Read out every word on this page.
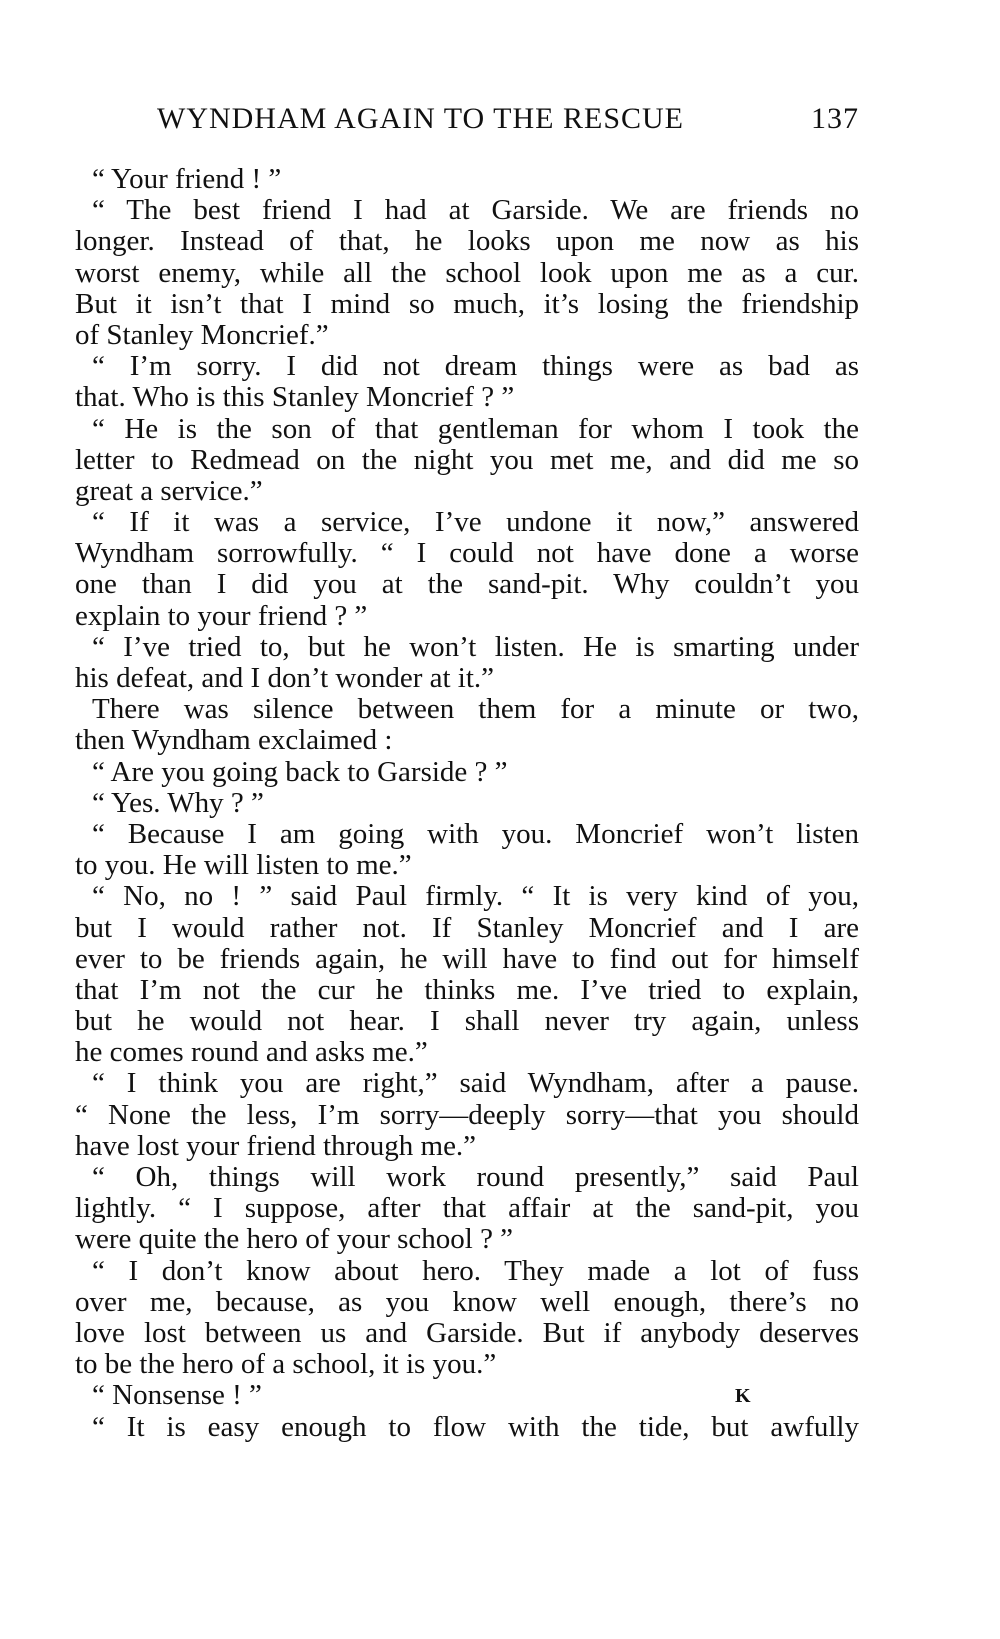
WYNDHAM AGAIN TO THE RESCUE	137
“ Your friend ! ”
“ The best friend I had at Garside. We are friends no
longer. Instead of that, he looks upon me now as his
worst enemy, while all the school look upon me as a cur.
But it isn’t that I mind so much, it’s losing the friendship
of Stanley Moncrief.”
“ I’m sorry. I did not dream things were as bad as
that. Who is this Stanley Moncrief ? ”
“ He is the son of that gentleman for whom I took the
letter to Redmead on the night you met me, and did me so
great a service.”
“ If it was a service, I’ve undone it now,” answered
Wyndham sorrowfully. “ I could not have done a worse
one than I did you at the sand-pit. Why couldn’t you
explain to your friend ? ”
“ I’ve tried to, but he won’t listen. He is smarting under
his defeat, and I don’t wonder at it.”
There was silence between them for a minute or two,
then Wyndham exclaimed :
“ Are you going back to Garside ? ”
“ Yes. Why ? ”
“ Because I am going with you. Moncrief won’t listen
to you. He will listen to me.”
“ No, no ! ” said Paul firmly. “ It is very kind of you,
but I would rather not. If Stanley Moncrief and I are
ever to be friends again, he will have to find out for himself
that I’m not the cur he thinks me. I’ve tried to explain,
but he would not hear. I shall never try again, unless
he comes round and asks me.”
“ I think you are right,” said Wyndham, after a pause.
“ None the less, I’m sorry—deeply sorry—that you should
have lost your friend through me.”
“ Oh, things will work round presently,” said Paul
lightly. “ I suppose, after that affair at the sand-pit, you
were quite the hero of your school ? ”
“ I don’t know about hero. They made a lot of fuss
over me, because, as you know well enough, there’s no
love lost between us and Garside. But if anybody deserves
to be the hero of a school, it is you.”
“ Nonsense ! ”
“ It is easy enough to flow with the tide, but awfully
K
